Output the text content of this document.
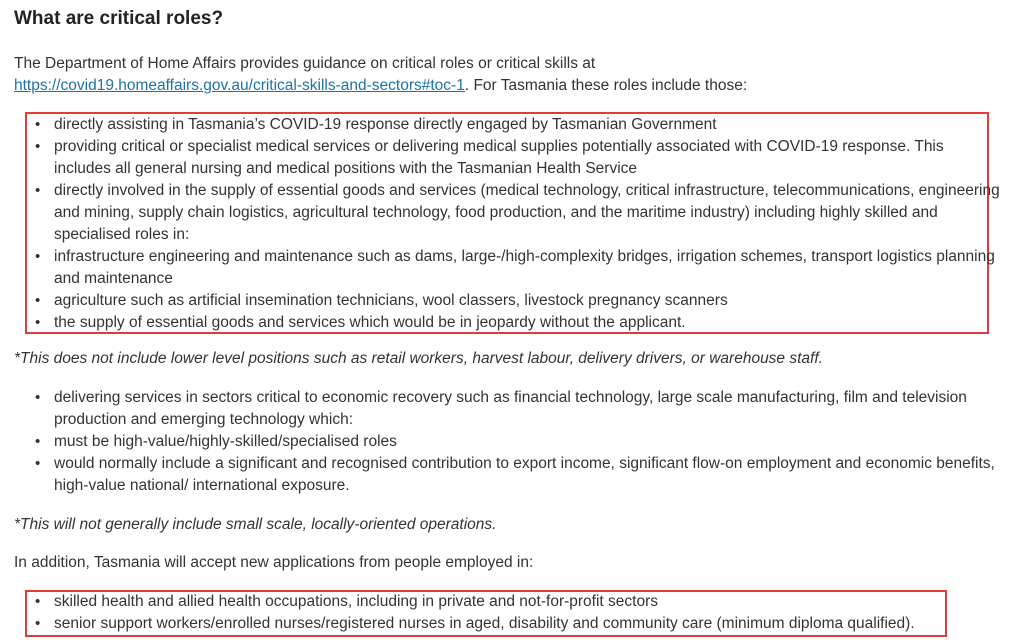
What are critical roles?

The Department of Home Affairs provides guidance on critical roles or critical skills at
https://covid19.homeaffairs.gov.au/critical-skills-and-sectors#toc-1. For Tasmania these roles include those:

• directly assisting in Tasmania’s COVID-19 response directly engaged by Tasmanian Government
• providing critical or specialist medical services or delivering medical supplies potentially associated with COVID-19 response. This includes all general nursing and medical positions with the Tasmanian Health Service
• directly involved in the supply of essential goods and services (medical technology, critical infrastructure, telecommunications, engineering and mining, supply chain logistics, agricultural technology, food production, and the maritime industry) including highly skilled and specialised roles in:
• infrastructure engineering and maintenance such as dams, large-/high-complexity bridges, irrigation schemes, transport logistics planning and maintenance
• agriculture such as artificial insemination technicians, wool classers, livestock pregnancy scanners
• the supply of essential goods and services which would be in jeopardy without the applicant.

*This does not include lower level positions such as retail workers, harvest labour, delivery drivers, or warehouse staff.

• delivering services in sectors critical to economic recovery such as financial technology, large scale manufacturing, film and television production and emerging technology which:
• must be high-value/highly-skilled/specialised roles
• would normally include a significant and recognised contribution to export income, significant flow-on employment and economic benefits, high-value national/ international exposure.

*This will not generally include small scale, locally-oriented operations.

In addition, Tasmania will accept new applications from people employed in:

• skilled health and allied health occupations, including in private and not-for-profit sectors
• senior support workers/enrolled nurses/registered nurses in aged, disability and community care (minimum diploma qualified).
